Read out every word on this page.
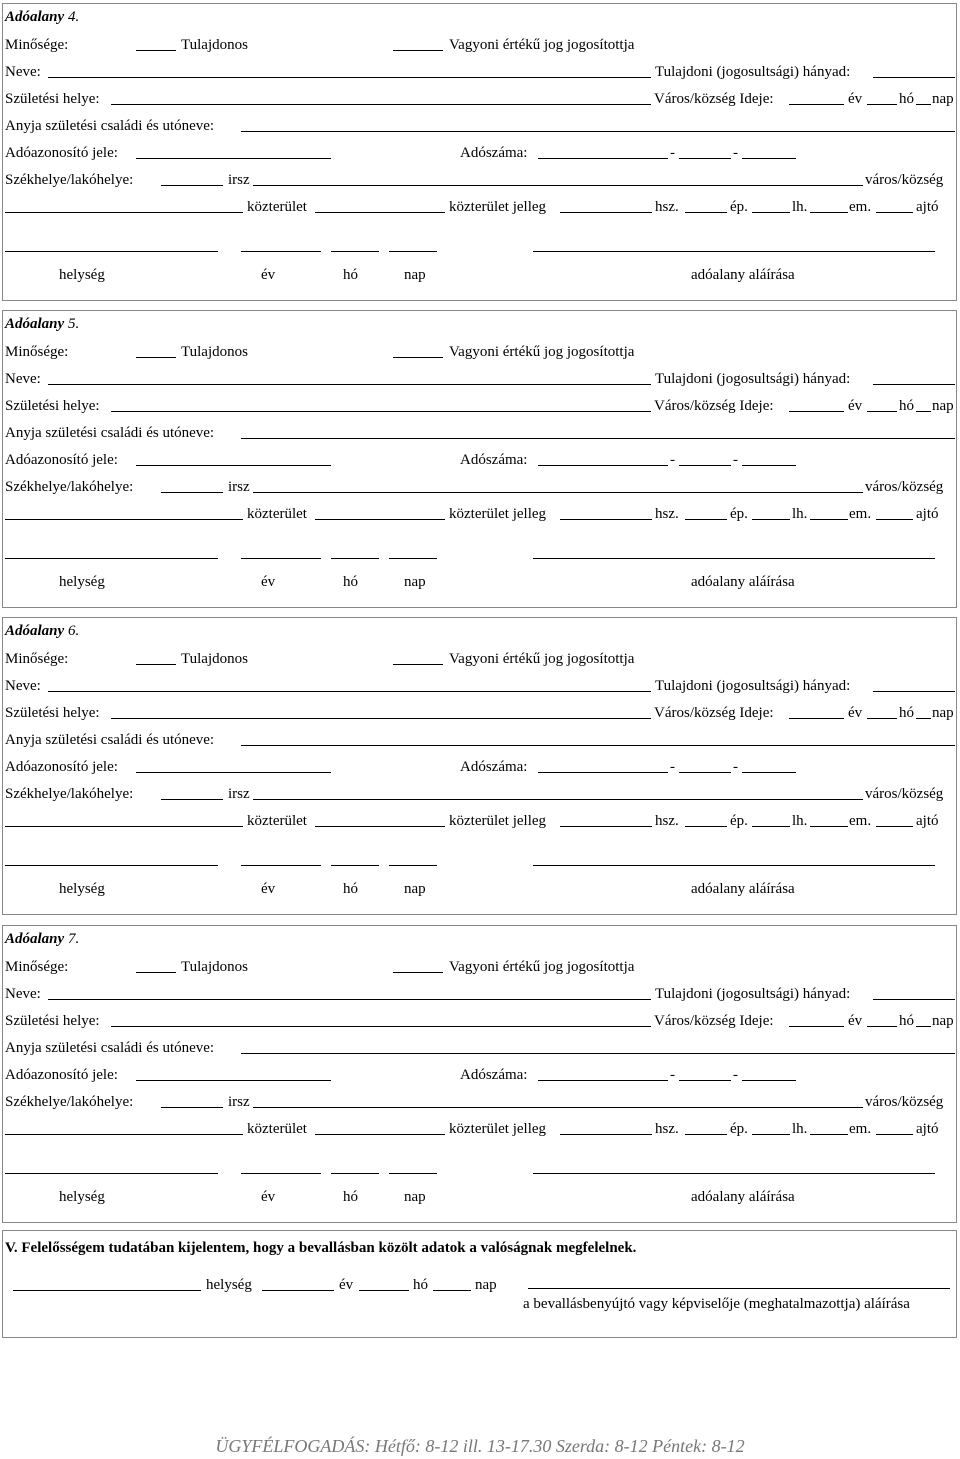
Adóalany 4.
Minősége:	Tulajdonos	Vagyoni értékű jog jogosítottja
Neve:	Tulajdoni (jogosultsági) hányad:
Születési helye:	Város/község Ideje:	év hó nap
Anyja születési családi és utóneve:
Adóazonosító jele:	Adószáma:	-	-
Székhelye/lakóhelye:	irsz	város/község
közterület	közterület jelleg	hsz.	ép.	lh.	em.	ajtó
helység	év	hó	nap	adóalany aláírása
Adóalany 5.
Minősége:	Tulajdonos	Vagyoni értékű jog jogosítottja
Neve:	Tulajdoni (jogosultsági) hányad:
Születési helye:	Város/község Ideje:	év hó nap
Anyja születési családi és utóneve:
Adóazonosító jele:	Adószáma:	-	-
Székhelye/lakóhelye:	irsz	város/község
közterület	közterület jelleg	hsz.	ép.	lh.	em.	ajtó
helység	év	hó	nap	adóalany aláírása
Adóalany 6.
Minősége:	Tulajdonos	Vagyoni értékű jog jogosítottja
Neve:	Tulajdoni (jogosultsági) hányad:
Születési helye:	Város/község Ideje:	év hó nap
Anyja születési családi és utóneve:
Adóazonosító jele:	Adószáma:	-	-
Székhelye/lakóhelye:	irsz	város/község
közterület	közterület jelleg	hsz.	ép.	lh.	em.	ajtó
helység	év	hó	nap	adóalany aláírása
Adóalany 7.
Minősége:	Tulajdonos	Vagyoni értékű jog jogosítottja
Neve:	Tulajdoni (jogosultsági) hányad:
Születési helye:	Város/község Ideje:	év hó nap
Anyja születési családi és utóneve:
Adóazonosító jele:	Adószáma:	-	-
Székhelye/lakóhelye:	irsz	város/község
közterület	közterület jelleg	hsz.	ép.	lh.	em.	ajtó
helység	év	hó	nap	adóalany aláírása
V. Felelősségem tudatában kijelentem, hogy a bevallásban közölt adatok a valóságnak megfelelnek.
helység	év	hó	nap
a bevallásbenyújtó vagy képviselője (meghatalmazottja) aláírása
ÜGYFÉLFOGADÁS: Hétfő: 8-12 ill. 13-17.30 Szerda: 8-12 Péntek: 8-12
